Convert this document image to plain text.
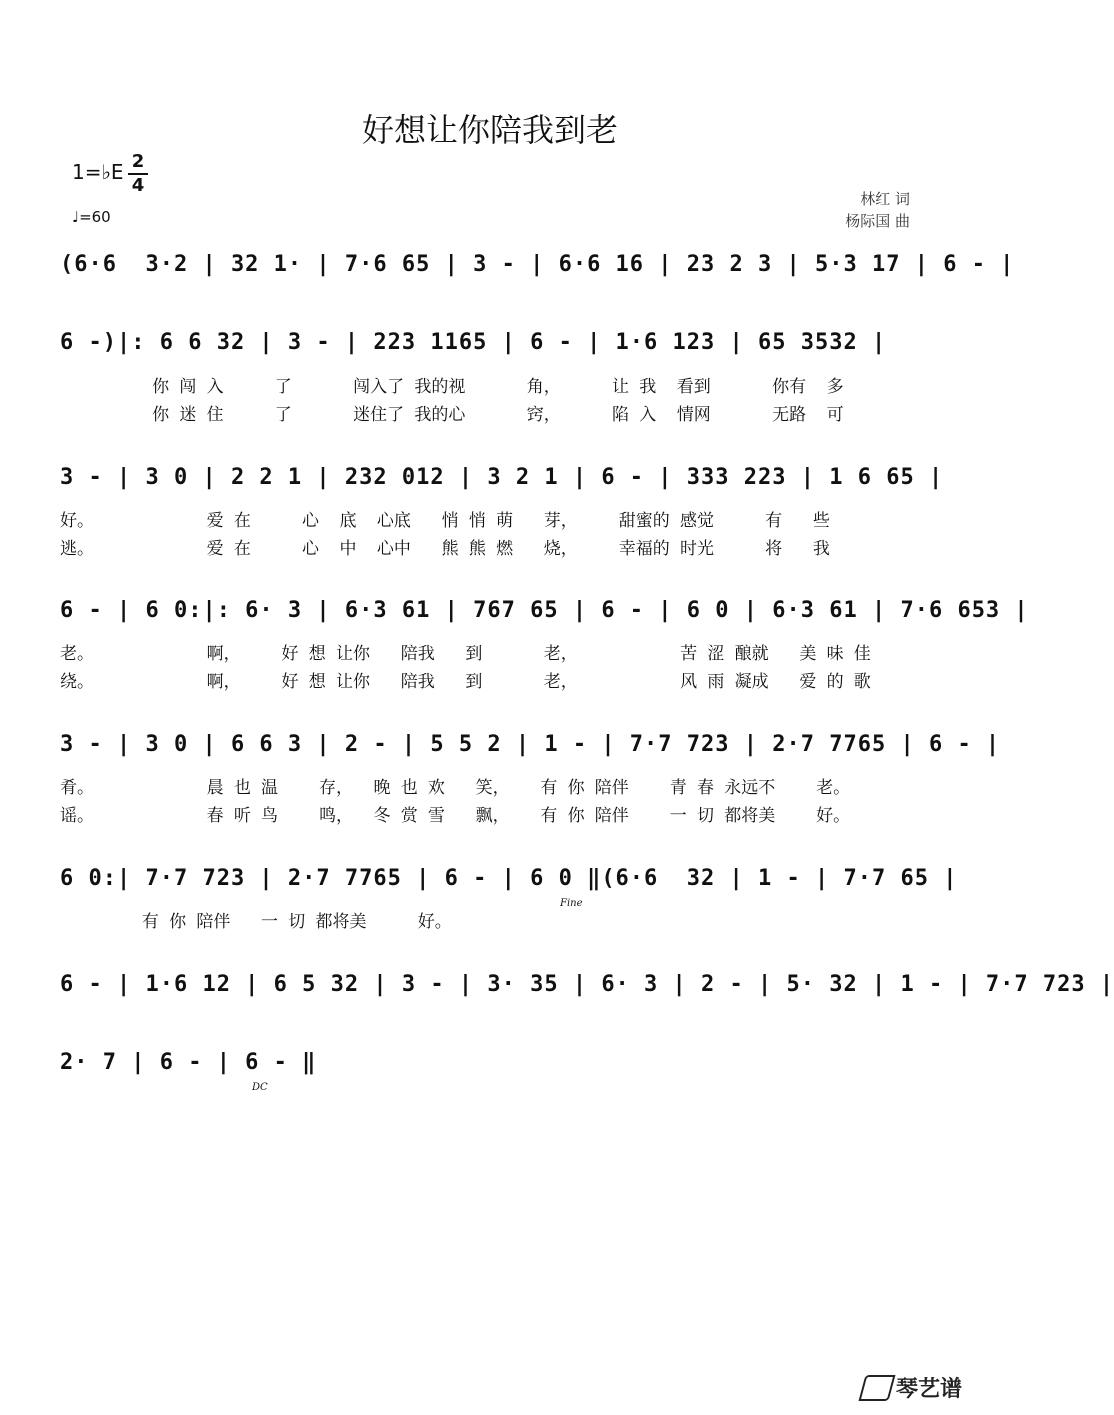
好想让你陪我到老
1=♭E 2
4
♩=60
林红 词
杨际国 曲
(6·6  3·2 | 32 1· | 7·6 65 | 3 - | 6·6 16 | 23 2 3 | 5·3 17 | 6 - |
6 -)|: 6 6 32 | 3 - | 223 1165 | 6 - | 1·6 123 | 65 3532 |
你 闯 入     了      闯入了 我的视      角，     让 我  看到      你有  多
你 迷 住     了      迷住了 我的心      窍，     陷 入  情网      无路  可
3 - | 3 0 | 2 2 1 | 232 012 | 3 2 1 | 6 - | 333 223 | 1 6 65 |
好。           爱 在     心  底  心底   悄 悄 萌   芽，    甜蜜的 感觉     有   些
逃。           爱 在     心  中  心中   熊 熊 燃   烧，    幸福的 时光     将   我
6 - | 6 0:|: 6· 3 | 6·3 61 | 767 65 | 6 - | 6 0 | 6·3 61 | 7·6 653 |
老。           啊，    好 想 让你   陪我   到      老，          苦 涩 酿就   美 味 佳
绕。           啊，    好 想 让你   陪我   到      老，          风 雨 凝成   爱 的 歌
3 - | 3 0 | 6 6 3 | 2 - | 5 5 2 | 1 - | 7·7 723 | 2·7 7765 | 6 - |
肴。           晨 也 温    存，  晚 也 欢   笑，   有 你 陪伴    青 春 永远不    老。
谣。           春 听 鸟    鸣，  冬 赏 雪   飘，   有 你 陪伴    一 切 都将美    好。
6 0:| 7·7 723 | 2·7 7765 | 6 - | 6 0 ‖(6·6  32 | 1 - | 7·7 65 |
有 你 陪伴   一 切 都将美     好。
Fine
6 - | 1·6 12 | 6 5 32 | 3 - | 3· 35 | 6· 3 | 2 - | 5· 32 | 1 - | 7·7 723 |
2· 7 | 6 - | 6 - ‖
DC
琴艺谱
